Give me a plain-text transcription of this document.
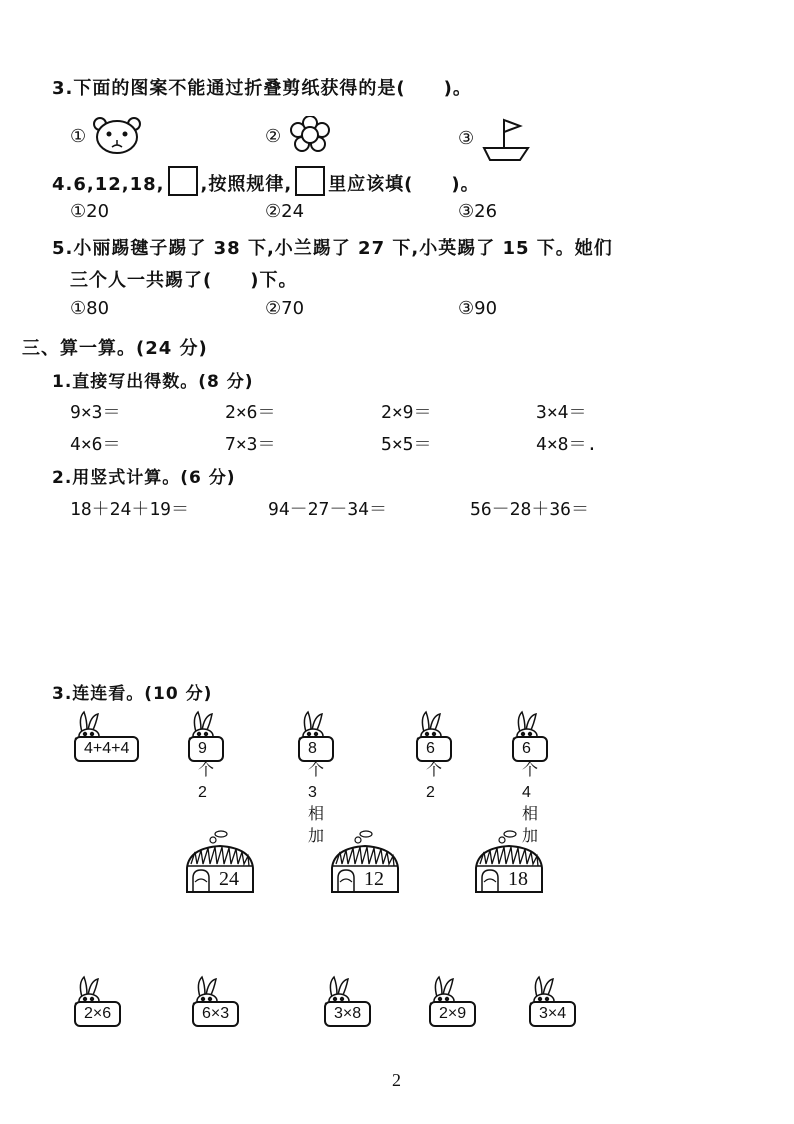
3.下面的图案不能通过折叠剪纸获得的是(　　)。
①	②	③
4.6,12,18, ,按照规律, 里应该填(　　)。
①20	②24	③26
5.小丽踢毽子踢了 38 下,小兰踢了 27 下,小英踢了 15 下。她们
三个人一共踢了(　　)下。
①80	②70	③90
三、算一算。(24 分)
1.直接写出得数。(8 分)
9×3＝	2×6＝	2×9＝	3×4＝
4×6＝	7×3＝	5×5＝	4×8＝.
2.用竖式计算。(6 分)
18＋24＋19＝	94－27－34＝	56－28＋36＝
3.连连看。(10 分)
4+4+4	9个2
8个3相加
6个2
6个4相加
24	12	18
2×6	6×3	3×8	2×9	3×4
2
